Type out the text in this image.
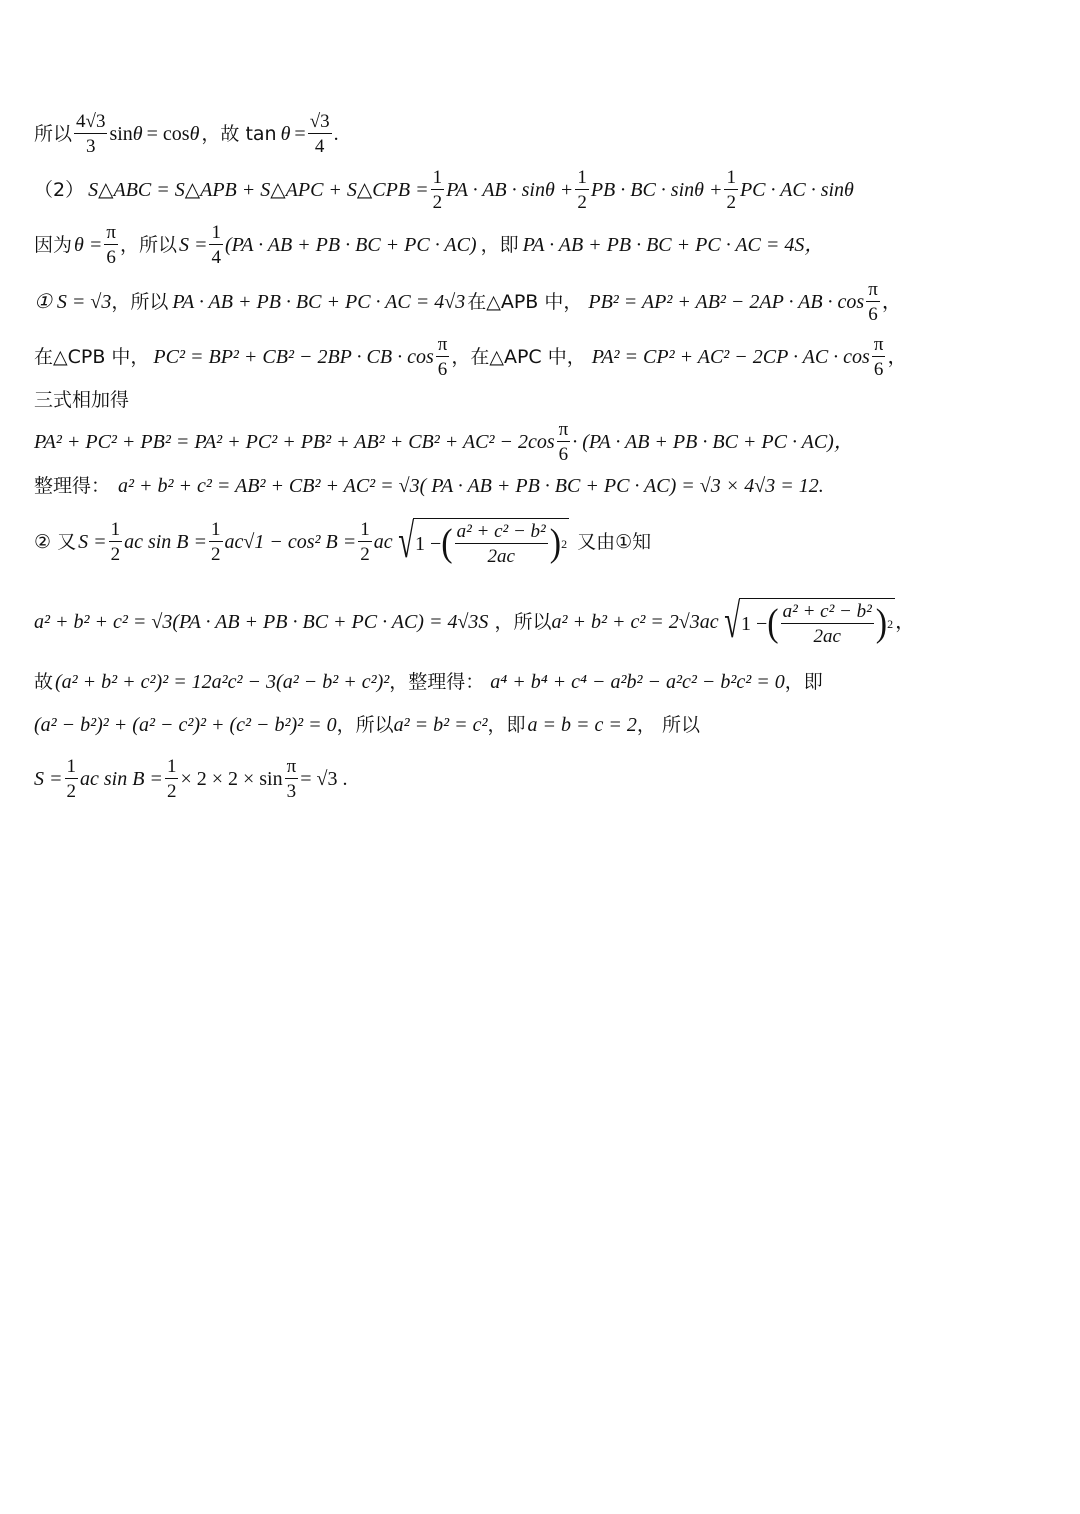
所以 $\frac{4√3}{3}$ sin θ = cos θ ，故 $\tan \theta = \frac{√3}{4}$ .
（2） S△ABC = S△APB + S△APC + S△CPB = $\frac{1}{2}$ PA · AB · $\sin\theta + \frac{1}{2}$ PB · BC · $\sin\theta + \frac{1}{2}$ PC · AC · sinθ
因为 $\theta = \frac{\pi}{6}$ ，所以 $S = \frac{1}{4} (PA$ · AB + PB · BC + PC · AC) ，即 PA · AB + PB · BC + PC · AC = 4S，
① S = √3 ，所以 PA · AB + PB · BC + PC · AC = 4√3 在△APB 中， PB² = AP² + AB² − 2AP · AB · $\cos \frac{\pi}{6}$ ，
在△CPB 中， PC² = BP² + CB² − 2BP · CB · $\cos \frac{\pi}{6}$ ，在△APC 中， PA² = CP² + AC² − 2CP · AC · $\cos \frac{\pi}{6}$ ，
三式相加得
$PA^2 + PC^2 + PB^2 = PA^2 + PC^2 + PB^2 + AB^2 + CB^2 + AC^2 - 2\cos \frac{\pi}{6} \cdot (PA$ · AB + PB · BC + PC · AC)，
整理得： a² + b² + c² = AB² + CB² + AC² = √3( PA · AB + PB · BC + PC · AC) = √3 × 4√3 = 12.
② 又 $S = \frac{1}{2}$ ac $\sin B = \frac{1}{2} ac√1 - \cos^2$ $B = \frac{1}{2}$ ac √ 1 − ( $\frac{\text{a² + c² − b²}}{2ac}$ ) 2 又由①知
a² + b² + c² = √3(PA · AB + PB · BC + PC · AC) = 4√3S ，所以 a² + b² + c² = 2√3ac √ 1 − ( $\frac{\text{a² + c² − b²}}{2ac}$ ) 2 ，
故 (a² + b² + c²)² = 12a²c² − 3(a² − b² + c²)² ，整理得： a⁴ + b⁴ + c⁴ − a²b² − a²c² − b²c² = 0 ，即
(a² − b²)² + (a² − c²)² + (c² − b²)² = 0 ，所以 a² = b² = c² ，即 a = b = c = 2 ， 所以
$S = \frac{1}{2}$ ac $\sin B = \frac{1}{2} \times 2 \times 2 \times \sin \frac{\pi}{3} = √3$ .
